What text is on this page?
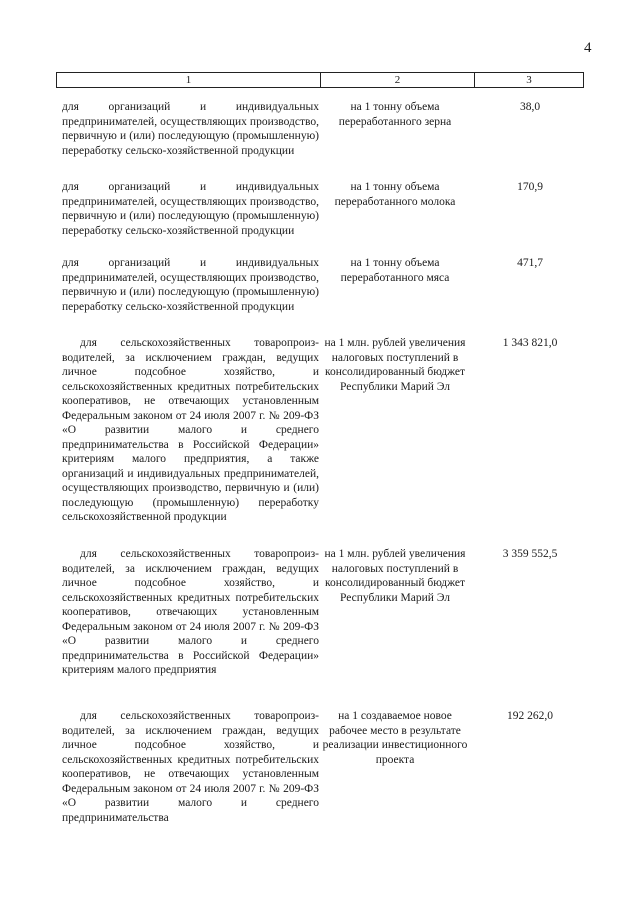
4
1	2	3

для организаций и индивидуальных предпринимателей, осуществляющих производство, первичную и (или) последующую (промышленную) переработку сельско-хозяйственной продукции

на 1 тонну объема переработанного зерна
38,0

для организаций и индивидуальных предпринимателей, осуществляющих производство, первичную и (или) последующую (промышленную) переработку сельско-хозяйственной продукции

на 1 тонну объема переработанного молока
170,9

для организаций и индивидуальных предпринимателей, осуществляющих производство, первичную и (или) последующую (промышленную) переработку сельско-хозяйственной продукции

на 1 тонну объема переработанного мяса
471,7

для сельскохозяйственных товаропроиз-водителей, за исключением граждан, ведущих личное подсобное хозяйство, и сельскохозяйственных кредитных потребительских кооперативов, не отвечающих установленным Федеральным законом от 24 июля 2007 г. № 209-ФЗ «О развитии малого и среднего предпринимательства в Российской Федерации» критериям малого предприятия, а также организаций и индивидуальных предпринимателей, осуществляющих производство, первичную и (или) последующую (промышленную) переработку сельскохозяйственной продукции

на 1 млн. рублей увеличения налоговых поступлений в консолидированный бюджет Республики Марий Эл
1 343 821,0

для сельскохозяйственных товаропроиз-водителей, за исключением граждан, ведущих личное подсобное хозяйство, и сельскохозяйственных кредитных потребительских кооперативов, отвечающих установленным Федеральным законом от 24 июля 2007 г. № 209-ФЗ «О развитии малого и среднего предпринимательства в Российской Федерации» критериям малого предприятия

на 1 млн. рублей увеличения налоговых поступлений в консолидированный бюджет Республики Марий Эл
3 359 552,5

для сельскохозяйственных товаропроиз-водителей, за исключением граждан, ведущих личное подсобное хозяйство, и сельскохозяйственных кредитных потребительских кооперативов, не отвечающих установленным Федеральным законом от 24 июля 2007 г. № 209-ФЗ «О развитии малого и среднего предпринимательства

на 1 создаваемое новое рабочее место в результате реализации инвестиционного проекта
192 262,0
